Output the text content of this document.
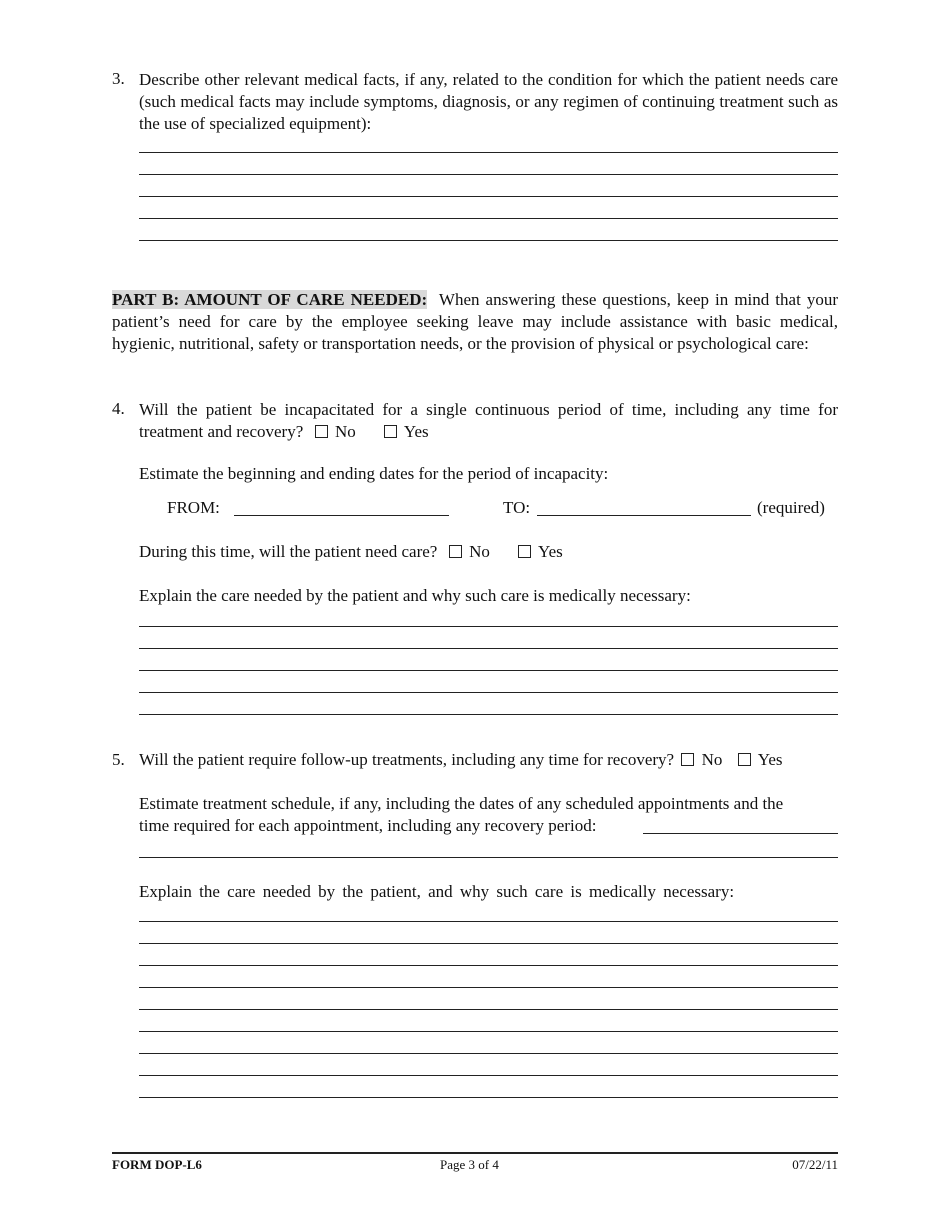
3. Describe other relevant medical facts, if any, related to the condition for which the patient needs care (such medical facts may include symptoms, diagnosis, or any regimen of continuing treatment such as the use of specialized equipment):

PART B: AMOUNT OF CARE NEEDED: When answering these questions, keep in mind that your patient’s need for care by the employee seeking leave may include assistance with basic medical, hygienic, nutritional, safety or transportation needs, or the provision of physical or psychological care:

4. Will the patient be incapacitated for a single continuous period of time, including any time for treatment and recovery? No	Yes

Estimate the beginning and ending dates for the period of incapacity:

FROM:	TO:	(required)

During this time, will the patient need care? No	Yes

Explain the care needed by the patient and why such care is medically necessary:

5. Will the patient require follow-up treatments, including any time for recovery? No Yes

Estimate treatment schedule, if any, including the dates of any scheduled appointments and the

time required for each appointment, including any recovery period:

Explain the care needed by the patient, and why such care is medically necessary:

FORM DOP-L6	Page 3 of 4	07/22/11
